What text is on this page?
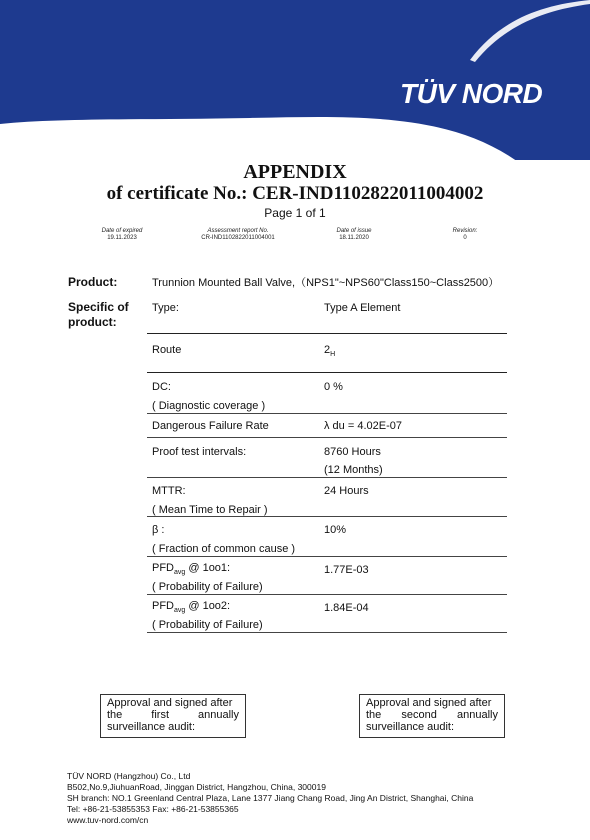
TÜV NORD
APPENDIX
of certificate No.: CER-IND1102822011004002
Page 1 of 1
Date of expired
19.11.2023
Assessment report No.
CR-IND1102822011004001
Date of issue
18.11.2020
Revision:
0
Product:	Trunnion Mounted Ball Valve,（NPS1"~NPS60"Class150~Class2500）
Specific of
product:
Type:	Type A Element
Route	$2_H$
DC:	0 %
( Diagnostic coverage )
Dangerous Failure Rate	λ du = 4.02E-07
Proof test intervals:	8760 Hours
(12 Months)
MTTR:	24 Hours
( Mean Time to Repair )
β :	10%
( Fraction of common cause )
$PFD_{avg}$ @ 1oo1:	1.77E-03
( Probability of Failure)
$PFD_{avg}$ @ 1oo2:	1.84E-04
( Probability of Failure)
Approval and signed after
the first annually
surveillance audit:
Approval and signed after
the second annually
surveillance audit:
TÜV NORD (Hangzhou) Co., Ltd
B502,No.9,JiuhuanRoad, Jinggan District, Hangzhou, China, 300019
SH branch: NO.1 Greenland Central Plaza, Lane 1377 Jiang Chang Road, Jing An District, Shanghai, China
Tel: +86-21-53855353 Fax: +86-21-53855365
www.tuv-nord.com/cn
